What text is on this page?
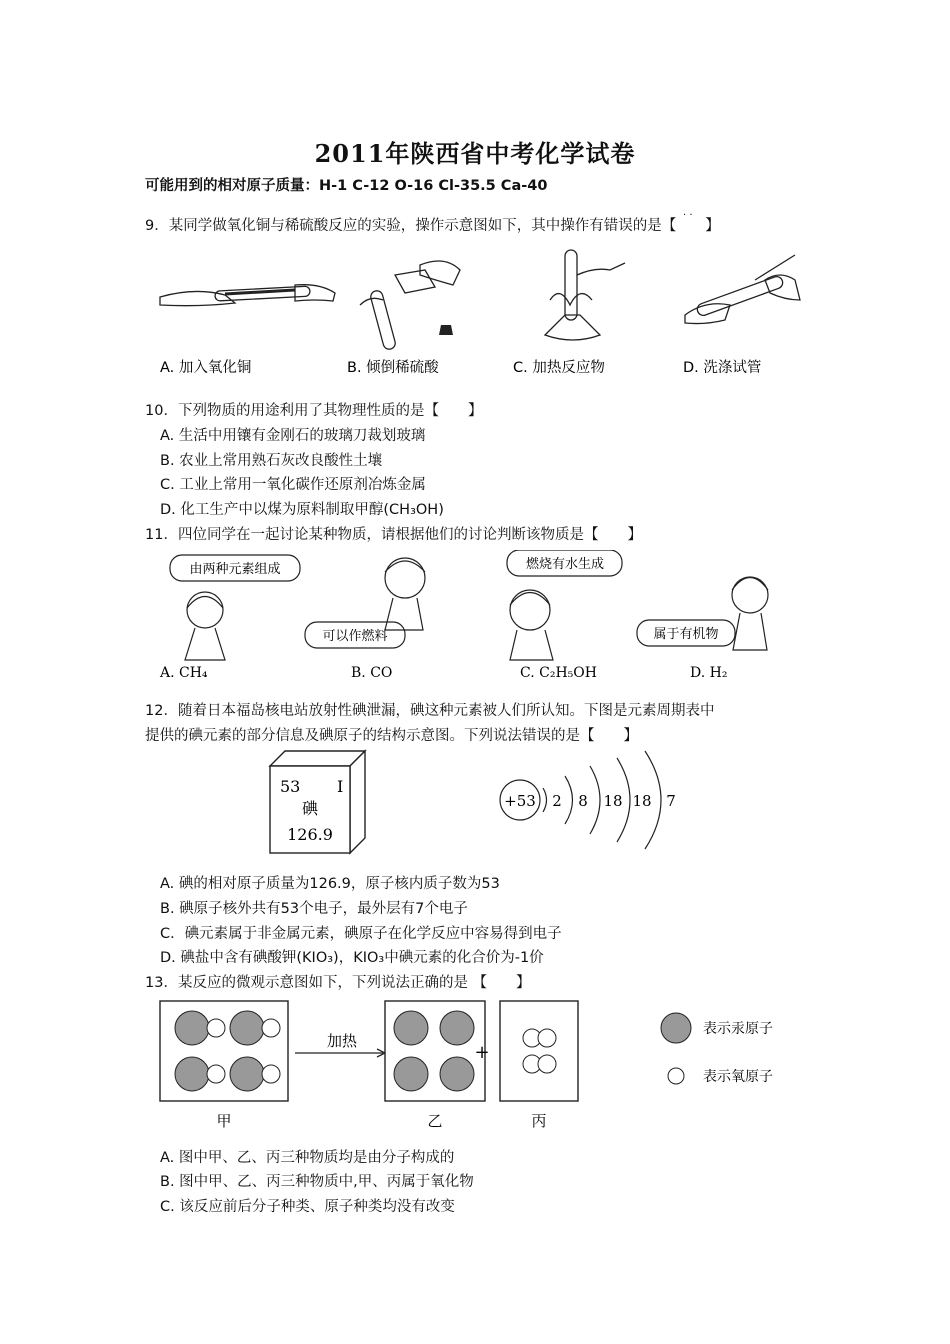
2011年陕西省中考化学试卷
可能用到的相对原子质量：H-1 C-12 O-16 Cl-35.5 Ca-40
9．某同学做氧化铜与稀硫酸反应的实验，操作示意图如下，其中操作有错误的是【　　】
· ·
A. 加入氧化铜	B. 倾倒稀硫酸	C. 加热反应物	D. 洗涤试管
10．下列物质的用途利用了其物理性质的是【　　】
A. 生活中用镶有金刚石的玻璃刀裁划玻璃
B. 农业上常用熟石灰改良酸性土壤
C. 工业上常用一氧化碳作还原剂冶炼金属
D. 化工生产中以煤为原料制取甲醇(CH₃OH)
11．四位同学在一起讨论某种物质，请根据他们的讨论判断该物质是【　　】
由两种元素组成
可以作燃料
燃烧有水生成
属于有机物
A. CH₄	B. CO	C. C₂H₅OH	D. H₂
12．随着日本福岛核电站放射性碘泄漏，碘这种元素被人们所认知。下图是元素周期表中
提供的碘元素的部分信息及碘原子的结构示意图。下列说法错误的是【　　】
53 I
碘
126.9
+53 2 8 18 18 7
A. 碘的相对原子质量为126.9，原子核内质子数为53
B. 碘原子核外共有53个电子，最外层有7个电子
C．碘元素属于非金属元素，碘原子在化学反应中容易得到电子
D. 碘盐中含有碘酸钾(KIO₃)，KIO₃中碘元素的化合价为-1价
13．某反应的微观示意图如下，下列说法正确的是 【　　】
加热
+
甲	乙	丙
表示汞原子
表示氧原子
A. 图中甲、乙、丙三种物质均是由分子构成的
B. 图中甲、乙、丙三种物质中,甲、丙属于氧化物
C. 该反应前后分子种类、原子种类均没有改变
